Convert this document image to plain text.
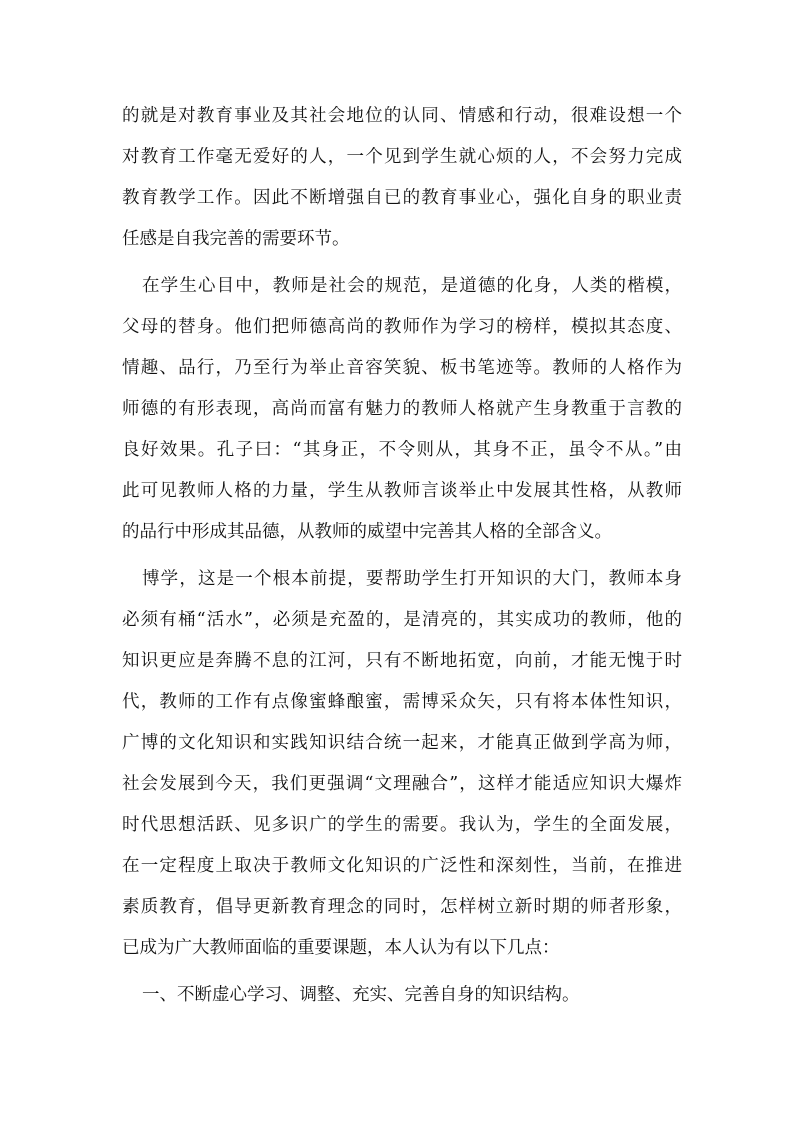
的就是对教育事业及其社会地位的认同、情感和行动，很难设想一个
对教育工作毫无爱好的人，一个见到学生就心烦的人，不会努力完成
教育教学工作。因此不断增强自已的教育事业心，强化自身的职业责
任感是自我完善的需要环节。
在学生心目中，教师是社会的规范，是道德的化身，人类的楷模，
父母的替身。他们把师德高尚的教师作为学习的榜样，模拟其态度、
情趣、品行，乃至行为举止音容笑貌、板书笔迹等。教师的人格作为
师德的有形表现，高尚而富有魅力的教师人格就产生身教重于言教的
良好效果。孔子曰：“其身正，不令则从，其身不正，虽令不从。”由
此可见教师人格的力量，学生从教师言谈举止中发展其性格，从教师
的品行中形成其品德，从教师的威望中完善其人格的全部含义。
博学，这是一个根本前提，要帮助学生打开知识的大门，教师本身
必须有桶“活水”，必须是充盈的，是清亮的，其实成功的教师，他的
知识更应是奔腾不息的江河，只有不断地拓宽，向前，才能无愧于时
代，教师的工作有点像蜜蜂酿蜜，需博采众矢，只有将本体性知识，
广博的文化知识和实践知识结合统一起来，才能真正做到学高为师，
社会发展到今天，我们更强调“文理融合”，这样才能适应知识大爆炸
时代思想活跃、见多识广的学生的需要。我认为，学生的全面发展，
在一定程度上取决于教师文化知识的广泛性和深刻性，当前，在推进
素质教育，倡导更新教育理念的同时，怎样树立新时期的师者形象，
已成为广大教师面临的重要课题，本人认为有以下几点：
一、不断虚心学习、调整、充实、完善自身的知识结构。
